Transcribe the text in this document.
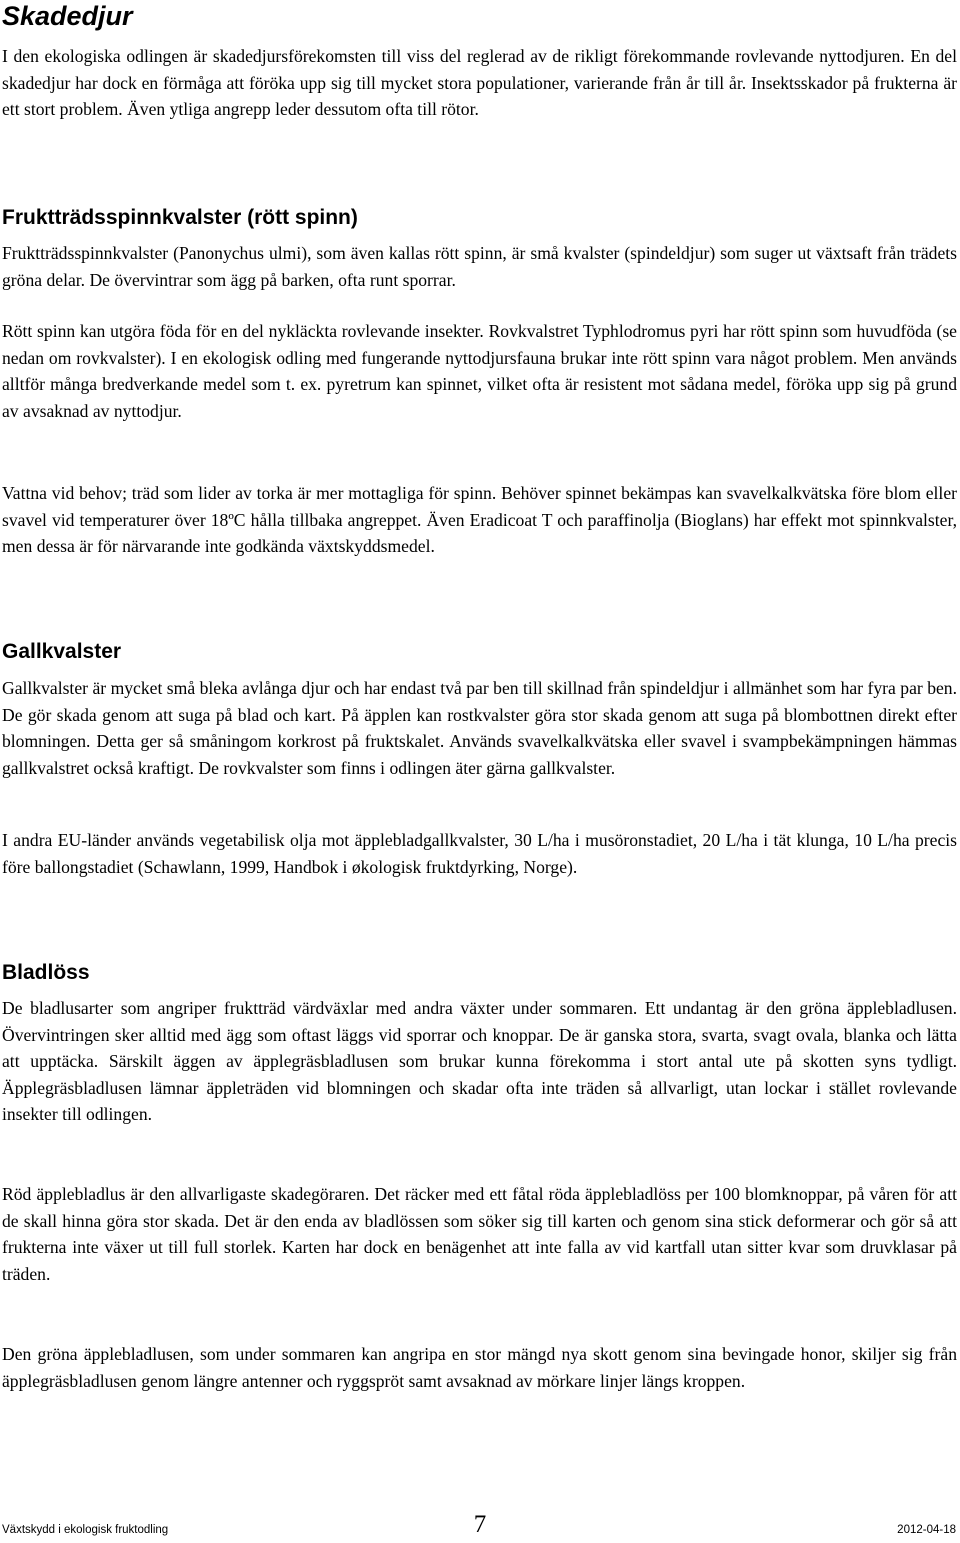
Skadedjur

I den ekologiska odlingen är skadedjursförekomsten till viss del reglerad av de rikligt förekommande rovlevande nyttodjuren. En del skadedjur har dock en förmåga att föröka upp sig till mycket stora populationer, varierande från år till år. Insektsskador på frukterna är ett stort problem. Även ytliga angrepp leder dessutom ofta till rötor.

Fruktträdsspinnkvalster (rött spinn)

Fruktträdsspinnkvalster (Panonychus ulmi), som även kallas rött spinn, är små kvalster (spindeldjur) som suger ut växtsaft från trädets gröna delar. De övervintrar som ägg på barken, ofta runt sporrar.

Rött spinn kan utgöra föda för en del nykläckta rovlevande insekter. Rovkvalstret Typhlodromus pyri har rött spinn som huvudföda (se nedan om rovkvalster). I en ekologisk odling med fungerande nyttodjursfauna brukar inte rött spinn vara något problem. Men används alltför många bredverkande medel som t. ex. pyretrum kan spinnet, vilket ofta är resistent mot sådana medel, föröka upp sig på grund av avsaknad av nyttodjur.

Vattna vid behov; träd som lider av torka är mer mottagliga för spinn. Behöver spinnet bekämpas kan svavelkalkvätska före blom eller svavel vid temperaturer över 18ºC hålla tillbaka angreppet. Även Eradicoat T och paraffinolja (Bioglans) har effekt mot spinnkvalster, men dessa är för närvarande inte godkända växtskyddsmedel.

Gallkvalster

Gallkvalster är mycket små bleka avlånga djur och har endast två par ben till skillnad från spindeldjur i allmänhet som har fyra par ben. De gör skada genom att suga på blad och kart. På äpplen kan rostkvalster göra stor skada genom att suga på blombottnen direkt efter blomningen. Detta ger så småningom korkrost på fruktskalet. Används svavelkalkvätska eller svavel i svampbekämpningen hämmas gallkvalstret också kraftigt. De rovkvalster som finns i odlingen äter gärna gallkvalster.

I andra EU-länder används vegetabilisk olja mot äpplebladgallkvalster, 30 L/ha i musöronstadiet, 20 L/ha i tät klunga, 10 L/ha precis före ballongstadiet (Schawlann, 1999, Handbok i økologisk fruktdyrking, Norge).

Bladlöss

De bladlusarter som angriper fruktträd värdväxlar med andra växter under sommaren. Ett undantag är den gröna äpplebladlusen. Övervintringen sker alltid med ägg som oftast läggs vid sporrar och knoppar. De är ganska stora, svarta, svagt ovala, blanka och lätta att upptäcka. Särskilt äggen av äpplegräsbladlusen som brukar kunna förekomma i stort antal ute på skotten syns tydligt. Äpplegräsbladlusen lämnar äppleträden vid blomningen och skadar ofta inte träden så allvarligt, utan lockar i stället rovlevande insekter till odlingen.

Röd äpplebladlus är den allvarligaste skadegöraren. Det räcker med ett fåtal röda äpplebladlöss per 100 blomknoppar, på våren för att de skall hinna göra stor skada. Det är den enda av bladlössen som söker sig till karten och genom sina stick deformerar och gör så att frukterna inte växer ut till full storlek. Karten har dock en benägenhet att inte falla av vid kartfall utan sitter kvar som druvklasar på träden.

Den gröna äpplebladlusen, som under sommaren kan angripa en stor mängd nya skott genom sina bevingade honor, skiljer sig från äpplegräsbladlusen genom längre antenner och ryggspröt samt avsaknad av mörkare linjer längs kroppen.

Växtskydd i ekologisk fruktodling	7	2012-04-18
